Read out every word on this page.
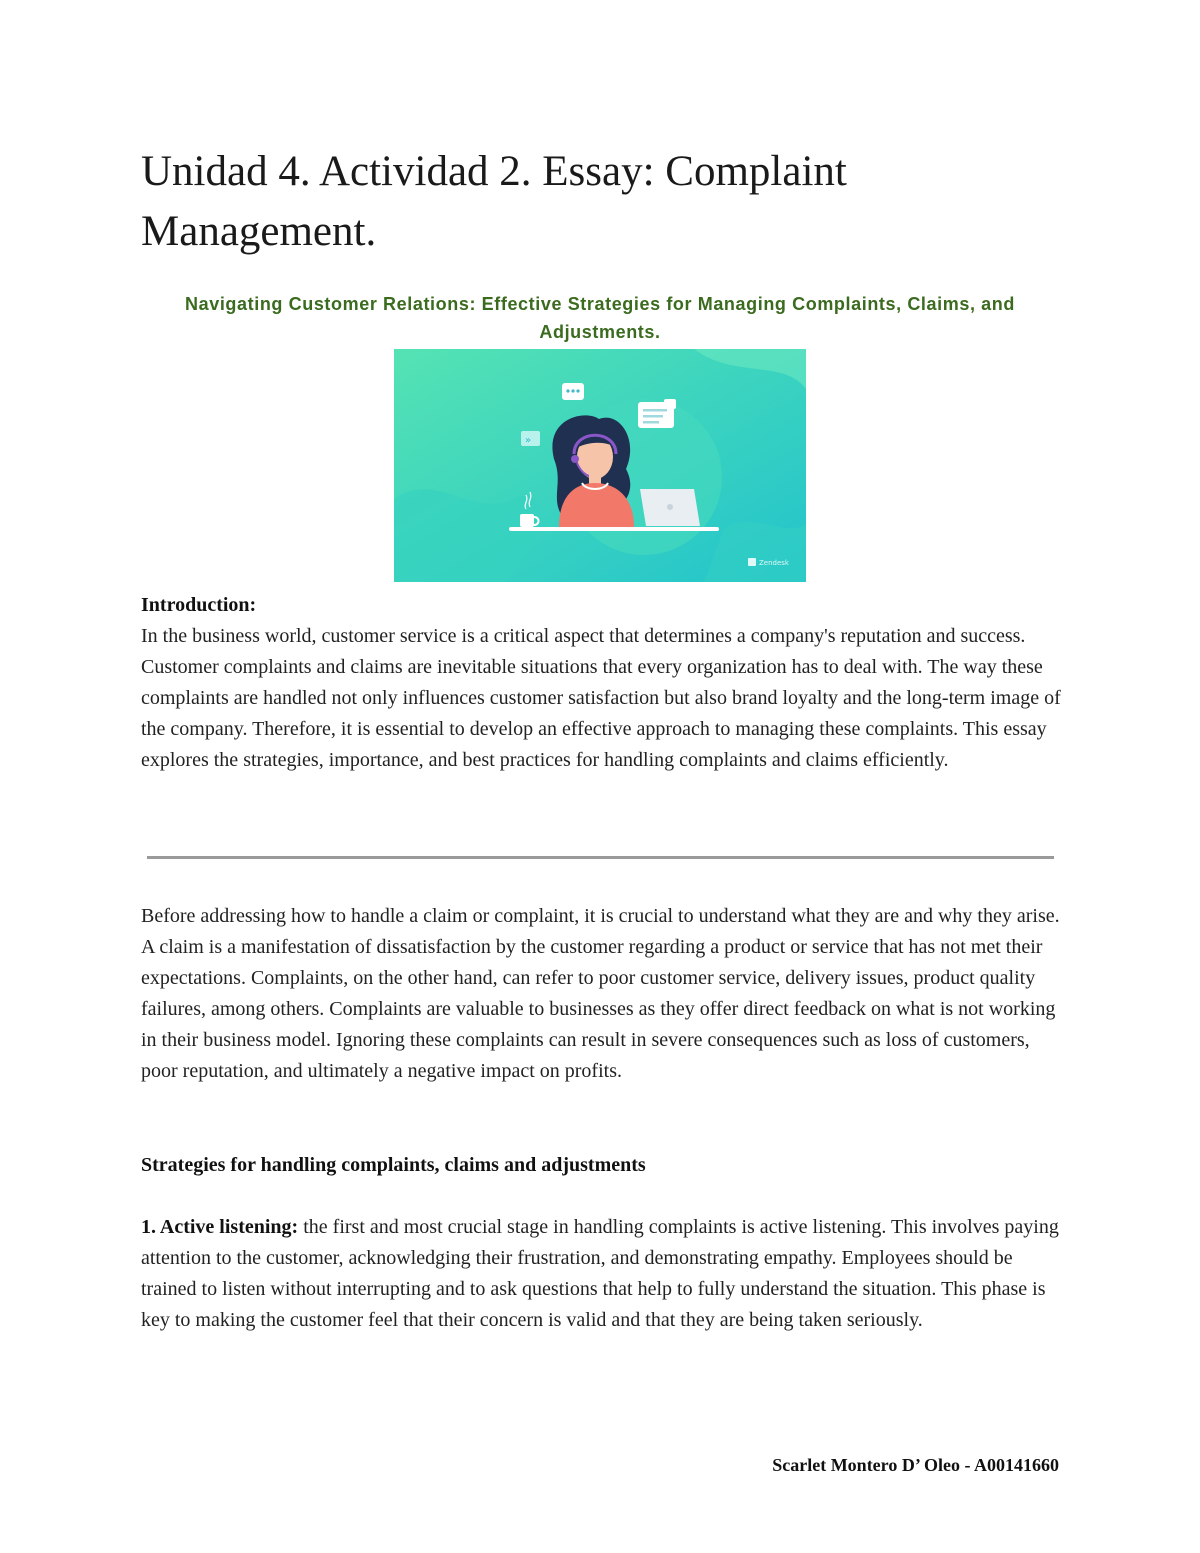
Unidad 4. Actividad 2. Essay: Complaint Management.

Navigating Customer Relations: Effective Strategies for Managing Complaints, Claims, and Adjustments.

»
Zendesk

Introduction:

In the business world, customer service is a critical aspect that determines a company's reputation and success. Customer complaints and claims are inevitable situations that every organization has to deal with. The way these complaints are handled not only influences customer satisfaction but also brand loyalty and the long-term image of the company. Therefore, it is essential to develop an effective approach to managing these complaints. This essay explores the strategies, importance, and best practices for handling complaints and claims efficiently.

Before addressing how to handle a claim or complaint, it is crucial to understand what they are and why they arise. A claim is a manifestation of dissatisfaction by the customer regarding a product or service that has not met their expectations. Complaints, on the other hand, can refer to poor customer service, delivery issues, product quality failures, among others. Complaints are valuable to businesses as they offer direct feedback on what is not working in their business model. Ignoring these complaints can result in severe consequences such as loss of customers, poor reputation, and ultimately a negative impact on profits.

Strategies for handling complaints, claims and adjustments

1. Active listening: the first and most crucial stage in handling complaints is active listening. This involves paying attention to the customer, acknowledging their frustration, and demonstrating empathy. Employees should be trained to listen without interrupting and to ask questions that help to fully understand the situation. This phase is key to making the customer feel that their concern is valid and that they are being taken seriously.

Scarlet Montero D’ Oleo - A00141660
